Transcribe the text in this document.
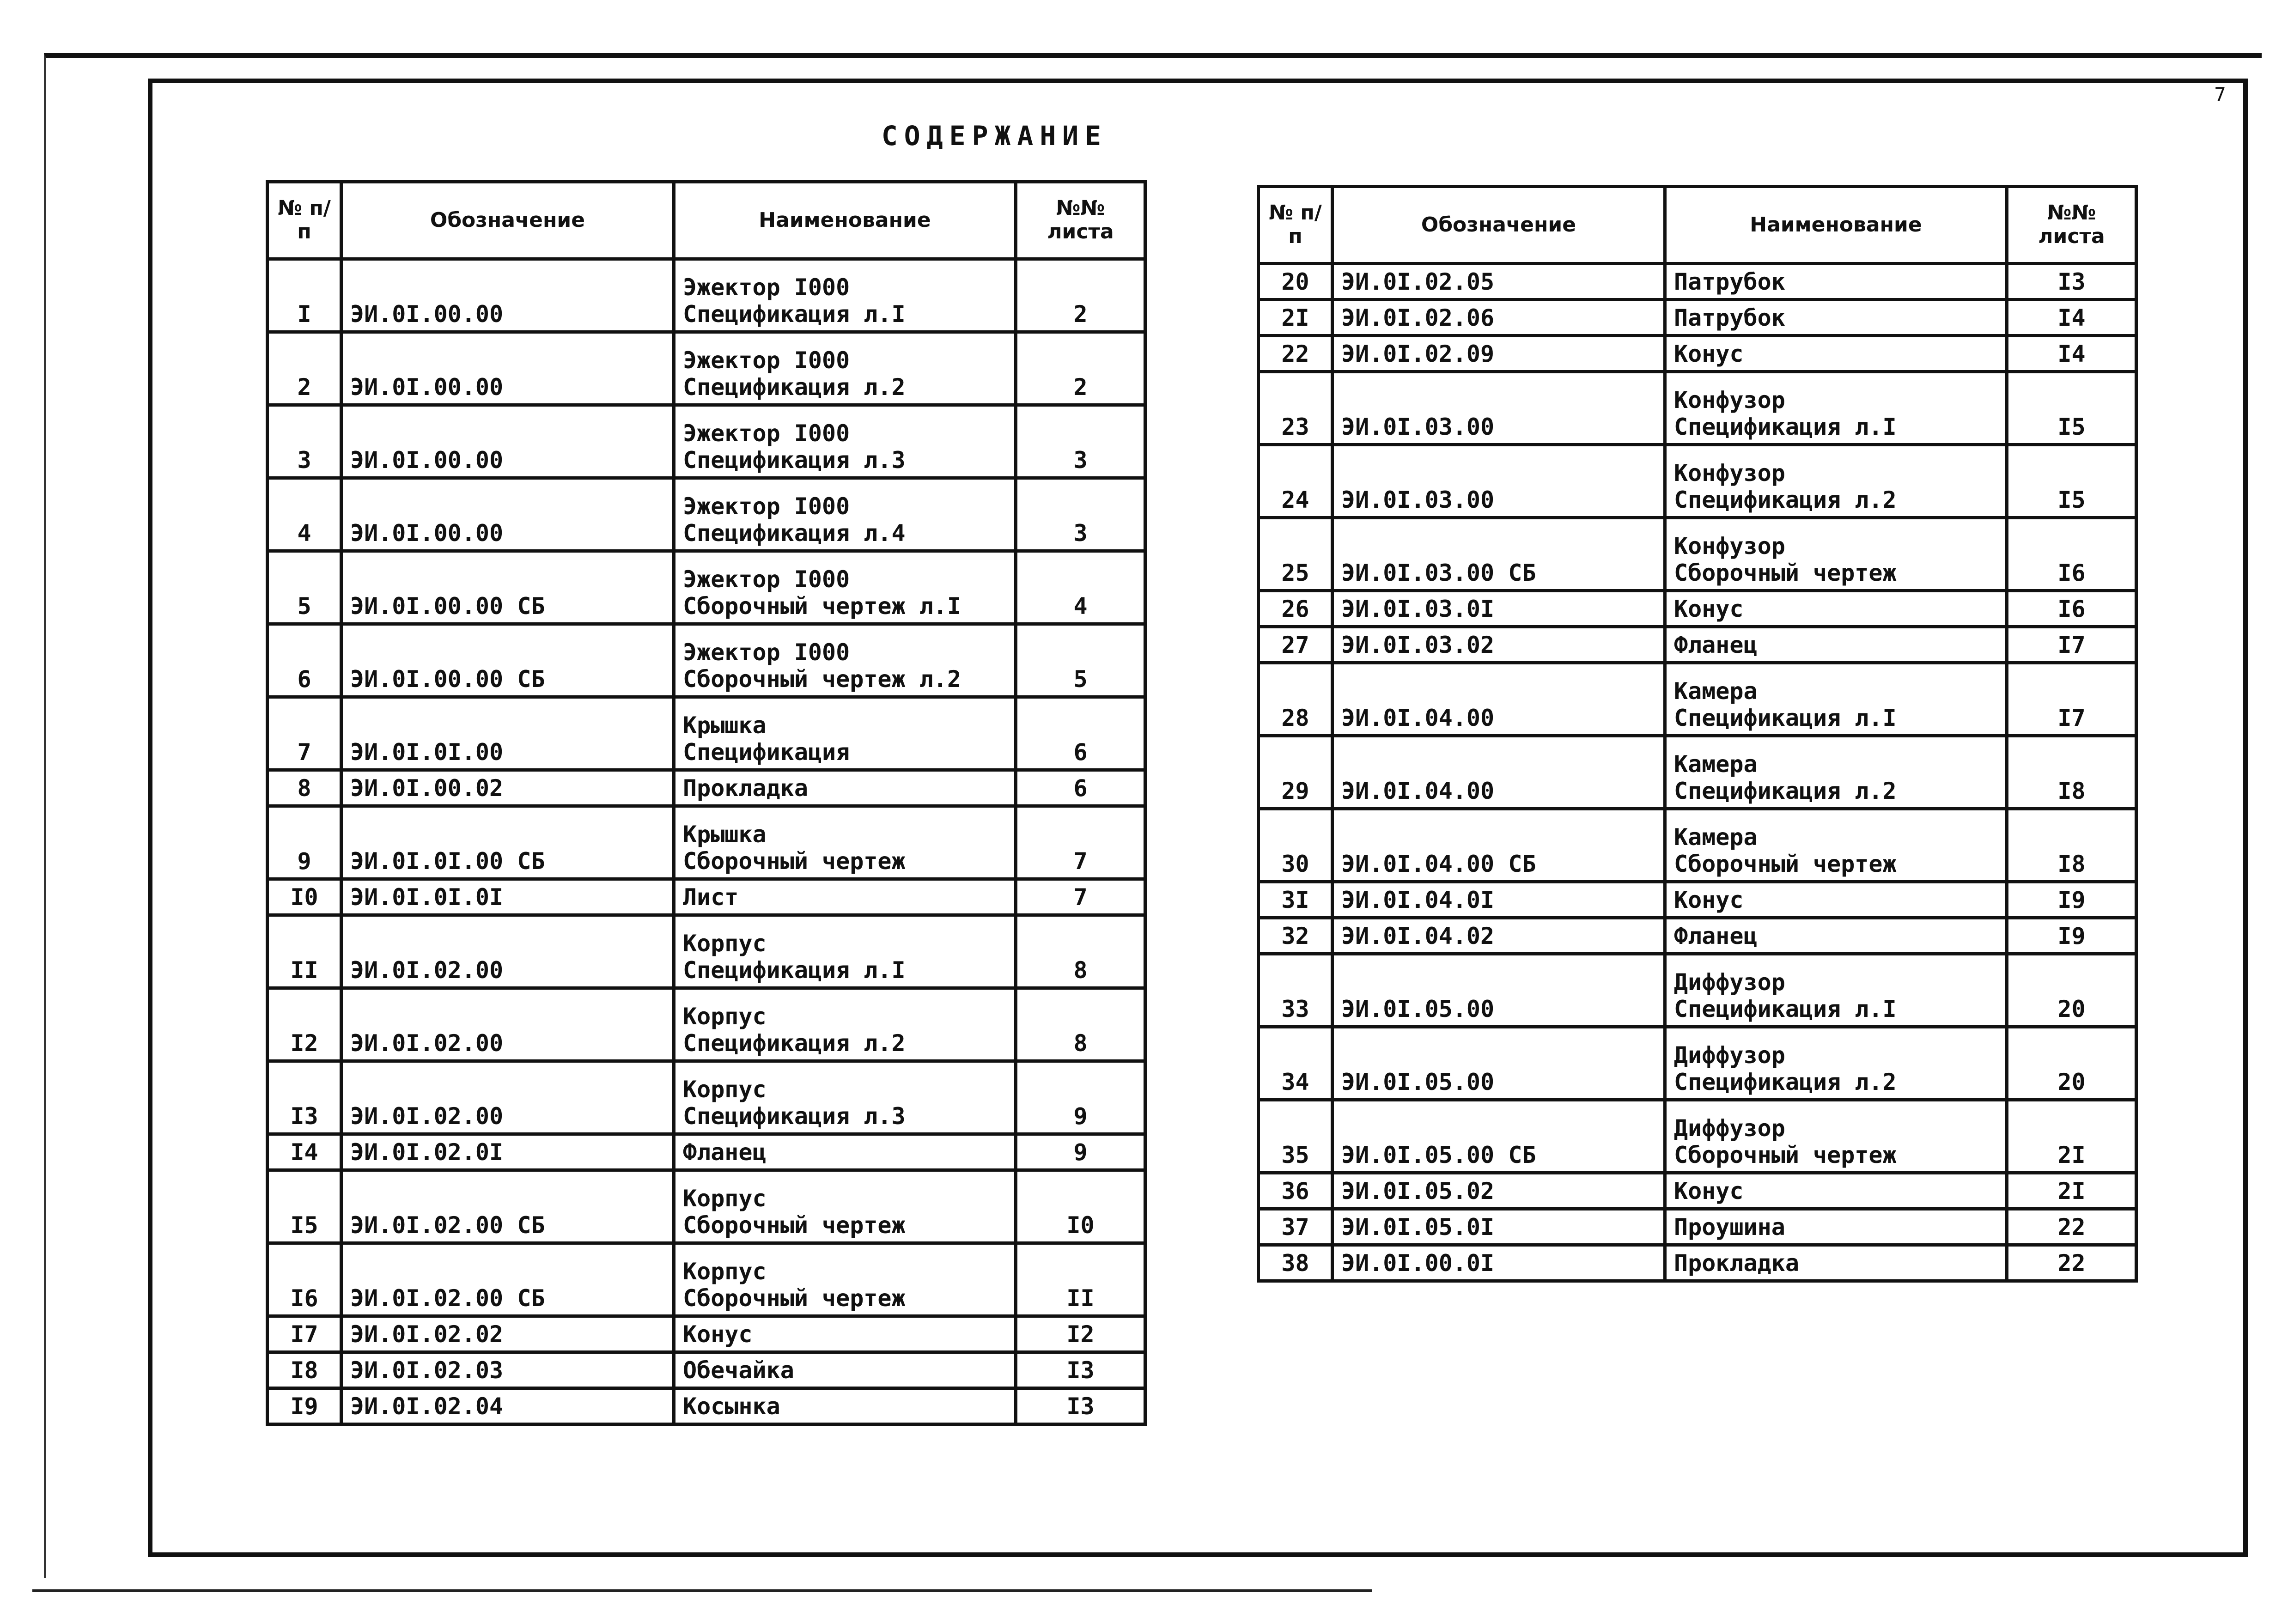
7
СОДЕРЖАНИЕ
№ п/п	Обозначение	Наименование	№№ листа
I	ЭИ.0I.00.00	Эжектор I000
Спецификация л.I	2
2	ЭИ.0I.00.00	Эжектор I000
Спецификация л.2	2
3	ЭИ.0I.00.00	Эжектор I000
Спецификация л.3	3
4	ЭИ.0I.00.00	Эжектор I000
Спецификация л.4	3
5	ЭИ.0I.00.00 СБ	Эжектор I000
Сборочный чертеж л.I	4
6	ЭИ.0I.00.00 СБ	Эжектор I000
Сборочный чертеж л.2	5
7	ЭИ.0I.0I.00	Крышка
Спецификация	6
8	ЭИ.0I.00.02	Прокладка	6
9	ЭИ.0I.0I.00 СБ	Крышка
Сборочный чертеж	7
I0	ЭИ.0I.0I.0I	Лист	7
II	ЭИ.0I.02.00	Корпус
Спецификация л.I	8
I2	ЭИ.0I.02.00	Корпус
Спецификация л.2	8
I3	ЭИ.0I.02.00	Корпус
Спецификация л.3	9
I4	ЭИ.0I.02.0I	Фланец	9
I5	ЭИ.0I.02.00 СБ	Корпус
Сборочный чертеж	I0
I6	ЭИ.0I.02.00 СБ	Корпус
Сборочный чертеж	II
I7	ЭИ.0I.02.02	Конус	I2
I8	ЭИ.0I.02.03	Обечайка	I3
I9	ЭИ.0I.02.04	Косынка	I3
№ п/п	Обозначение	Наименование	№№ листа
20	ЭИ.0I.02.05	Патрубок	I3
2I	ЭИ.0I.02.06	Патрубок	I4
22	ЭИ.0I.02.09	Конус	I4
23	ЭИ.0I.03.00	Конфузор
Спецификация л.I	I5
24	ЭИ.0I.03.00	Конфузор
Спецификация л.2	I5
25	ЭИ.0I.03.00 СБ	Конфузор
Сборочный чертеж	I6
26	ЭИ.0I.03.0I	Конус	I6
27	ЭИ.0I.03.02	Фланец	I7
28	ЭИ.0I.04.00	Камера
Спецификация л.I	I7
29	ЭИ.0I.04.00	Камера
Спецификация л.2	I8
30	ЭИ.0I.04.00 СБ	Камера
Сборочный чертеж	I8
3I	ЭИ.0I.04.0I	Конус	I9
32	ЭИ.0I.04.02	Фланец	I9
33	ЭИ.0I.05.00	Диффузор
Спецификация л.I	20
34	ЭИ.0I.05.00	Диффузор
Спецификация л.2	20
35	ЭИ.0I.05.00 СБ	Диффузор
Сборочный чертеж	2I
36	ЭИ.0I.05.02	Конус	2I
37	ЭИ.0I.05.0I	Проушина	22
38	ЭИ.0I.00.0I	Прокладка	22
